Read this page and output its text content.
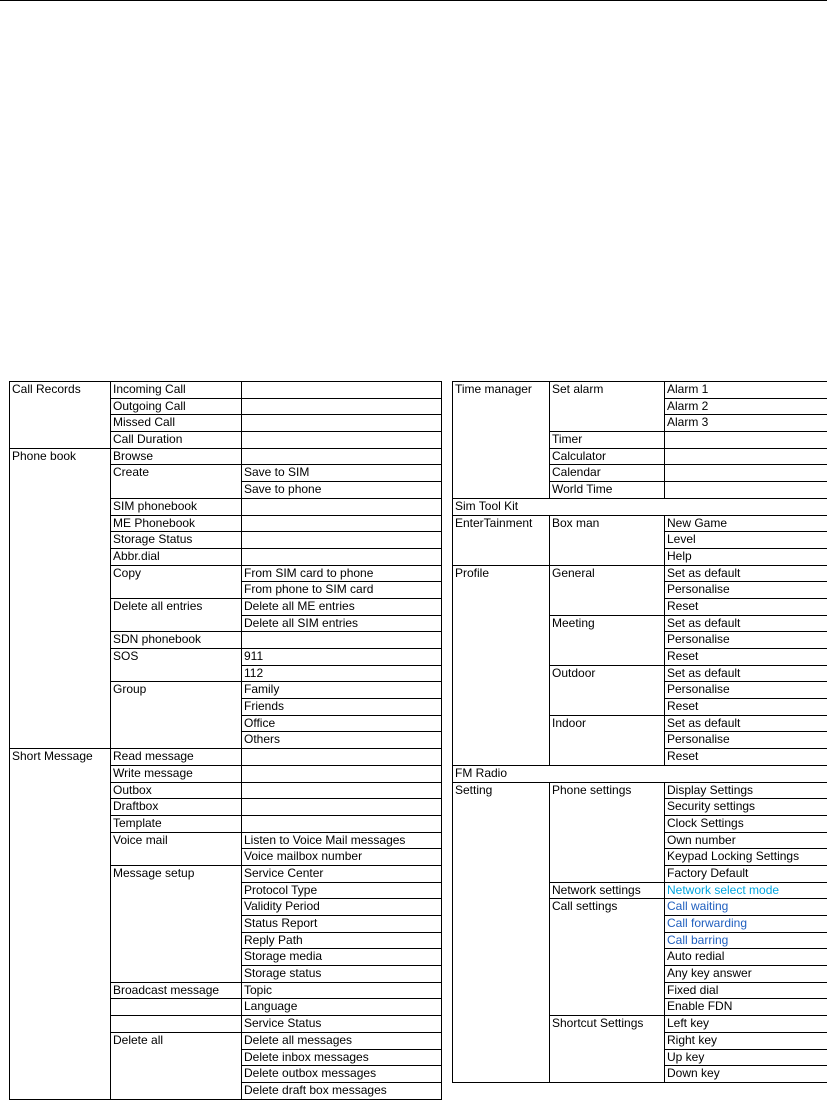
Call Records	Incoming Call	
	Outgoing Call	
	Missed Call	
	Call Duration	
Phone book	Browse	
	Create	Save to SIM
		Save to phone
	SIM phonebook	
	ME Phonebook	
	Storage Status	
	Abbr.dial	
	Copy	From SIM card to phone
		From phone to SIM card
	Delete all entries	Delete all ME entries
		Delete all SIM entries
	SDN phonebook	
	SOS	911
		112
	Group	Family
		Friends
		Office
		Others
Short Message	Read message	
	Write message	
	Outbox	
	Draftbox	
	Template	
	Voice mail	Listen to Voice Mail messages
		Voice mailbox number
	Message setup	Service Center
		Protocol Type
		Validity Period
		Status Report
		Reply Path
		Storage media
		Storage status
	Broadcast message	Topic
		Language
		Service Status
	Delete all	Delete all messages
		Delete inbox messages
		Delete outbox messages
		Delete draft box messages
Time manager	Set alarm	Alarm 1
		Alarm 2
		Alarm 3
	Timer	
	Calculator	
	Calendar	
	World Time	
Sim Tool Kit		
EnterTainment	Box man	New Game
		Level
		Help
Profile	General	Set as default
		Personalise
		Reset
	Meeting	Set as default
		Personalise
		Reset
	Outdoor	Set as default
		Personalise
		Reset
	Indoor	Set as default
		Personalise
		Reset
FM Radio		
Setting	Phone settings	Display Settings
		Security settings
		Clock Settings
		Own number
		Keypad Locking Settings
		Factory Default
	Network settings	Network select mode
	Call settings	Call waiting
		Call forwarding
		Call barring
		Auto redial
		Any key answer
		Fixed dial
		Enable FDN
	Shortcut Settings	Left key
		Right key
		Up key
		Down key
